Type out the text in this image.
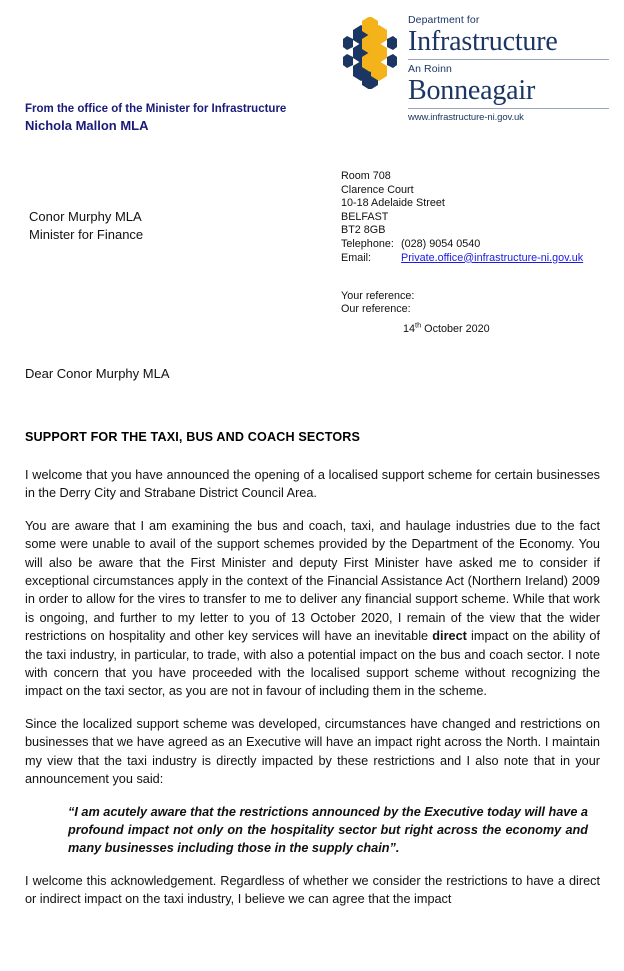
Department for
Infrastructure
An Roinn
Bonneagair
www.infrastructure-ni.gov.uk
From the office of the Minister for Infrastructure
Nichola Mallon MLA
Conor Murphy MLA
Minister for Finance
Room 708
Clarence Court
10-18 Adelaide Street
BELFAST
BT2 8GB
Telephone: (028) 9054 0540
Email:	Private.office@infrastructure-ni.gov.uk
Your reference:
Our reference:
14th October 2020
Dear Conor Murphy MLA
SUPPORT FOR THE TAXI, BUS AND COACH SECTORS

I welcome that you have announced the opening of a localised support scheme for certain businesses in the Derry City and Strabane District Council Area.

You are aware that I am examining the bus and coach, taxi, and haulage industries due to the fact some were unable to avail of the support schemes provided by the Department of the Economy. You will also be aware that the First Minister and deputy First Minister have asked me to consider if exceptional circumstances apply in the context of the Financial Assistance Act (Northern Ireland) 2009 in order to allow for the vires to transfer to me to deliver any financial support scheme. While that work is ongoing, and further to my letter to you of 13 October 2020, I remain of the view that the wider restrictions on hospitality and other key services will have an inevitable direct impact on the ability of the taxi industry, in particular, to trade, with also a potential impact on the bus and coach sector. I note with concern that you have proceeded with the localised support scheme without recognizing the impact on the taxi sector, as you are not in favour of including them in the scheme.

Since the localized support scheme was developed, circumstances have changed and restrictions on businesses that we have agreed as an Executive will have an impact right across the North. I maintain my view that the taxi industry is directly impacted by these restrictions and I also note that in your announcement you said:

“I am acutely aware that the restrictions announced by the Executive today will have a profound impact not only on the hospitality sector but right across the economy and many businesses including those in the supply chain”.

I welcome this acknowledgement. Regardless of whether we consider the restrictions to have a direct or indirect impact on the taxi industry, I believe we can agree that the impact
